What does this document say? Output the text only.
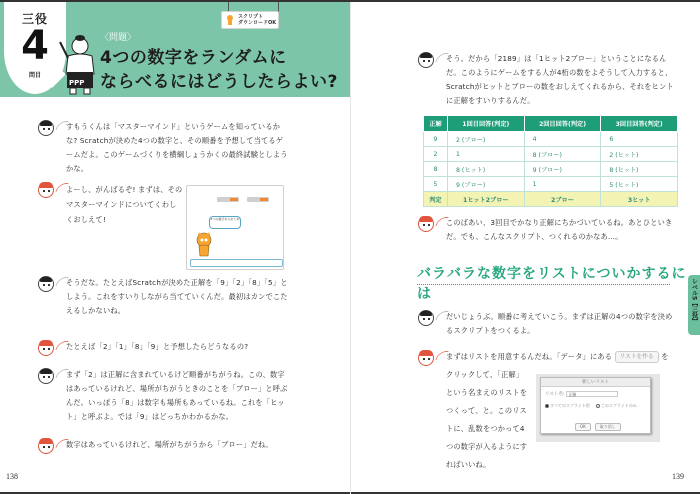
三役
4
問目
PPP
〈問題〉
4つの数字をランダムに
ならべるにはどうしたらよい?
スクリプト
ダウンロードOK
すもうくんは「マスターマインド」というゲームを知っているかな? Scratchが決めた4つの数字と、その順番を予想して当てるゲームだよ。このゲームづくりを横綱しょうかくの最終試験としようかな。
よーし、がんばるぞ! まずは、そのマスターマインドについてくわしくおしえて!	4つの数字を入れてね
そうだな。たとえばScratchが決めた正解を「9」「2」「8」「5」としよう。これをすいりしながら当てていくんだ。最初はカンでこたえるしかないね。
たとえば「2」「1」「8」「9」と予想したらどうなるの?
まず「2」は正解に含まれているけど順番がちがうね。この、数字はあっているけれど、場所がちがうときのことを「ブロー」と呼ぶんだ。いっぽう「8」は数字も場所もあっているね。これを「ヒット」と呼ぶよ。では「9」はどっちかわかるかな。
数字はあっているけれど、場所がちがうから「ブロー」だね。
138
そう。だから「2189」は「1ヒット2ブロー」ということになるんだ。このようにゲームをする人が4桁の数をよそうして入力すると、Scratchがヒットとブローの数をおしえてくれるから、それをヒントに正解をすいりするんだ。
正解	1回目回答(判定)	2回目回答(判定)	3回目回答(判定)
9	2 (ブロー)	4	6
2	1	8 (ブロー)	2 (ヒット)
8	8 (ヒット)	9 (ブロー)	8 (ヒット)
5	9 (ブロー)	1	5 (ヒット)
判定	1ヒット2ブロー	2ブロー	3ヒット
このばあい、3回目でかなり正解にちかづいているね。あとひといきだ。でも、こんなスクリプト、つくれるのかなあ…。
バラバラな数字をリストについかするには	レベル5【三役】
だいじょうぶ。順番に考えていこう。まずは正解の4つの数字を決めるスクリプトをつくるよ。
まずはリストを用意するんだね。「データ」にある リストを作る を
クリックして、「正解」という名まえのリストをつくって、と。このリストに、乱数をつかって4つの数字が入るようにすればいいね。
新しいリスト
リスト名:	正解
すべてのスプライト用	このスプライトのみ
OK	取り消し
139
